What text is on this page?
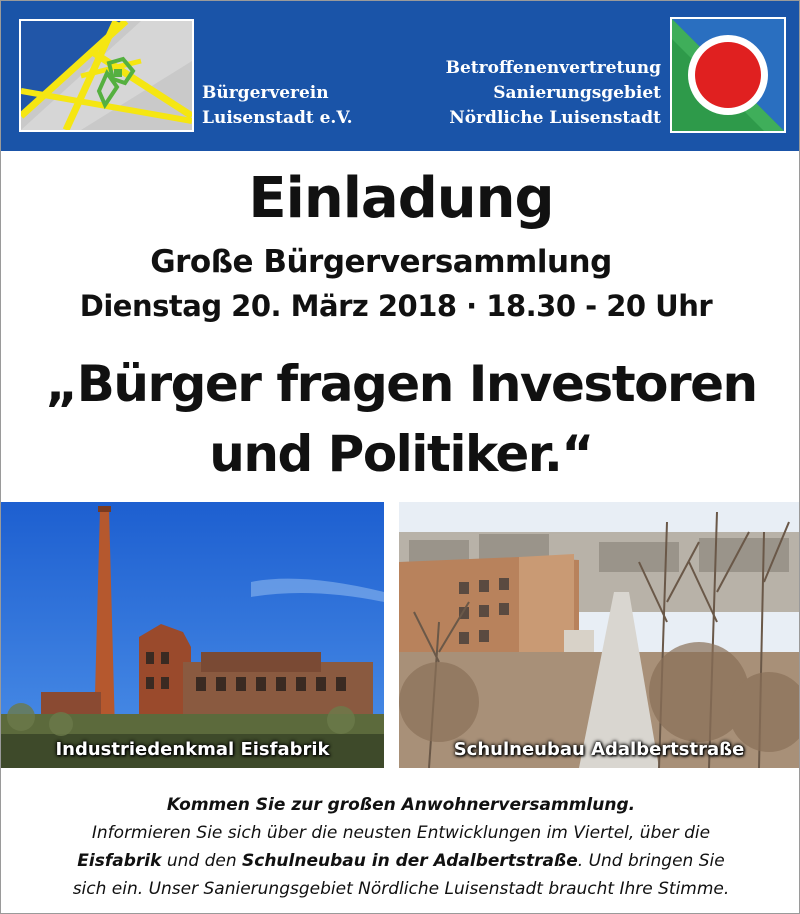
Bürgerverein
Luisenstadt e.V.
Betroffenenvertretung
Sanierungsgebiet
Nördliche Luisenstadt
Einladung
Große Bürgerversammlung
Dienstag 20. März 2018 · 18.30 - 20 Uhr
„Bürger fragen Investoren
und Politiker.“
Industriedenkmal Eisfabrik	Schulneubau Adalbertstraße
Kommen Sie zur großen Anwohnerversammlung.
Informieren Sie sich über die neusten Entwicklungen im Viertel, über die
Eisfabrik und den Schulneubau in der Adalbertstraße. Und bringen Sie
sich ein. Unser Sanierungsgebiet Nördliche Luisenstadt braucht Ihre Stimme.
